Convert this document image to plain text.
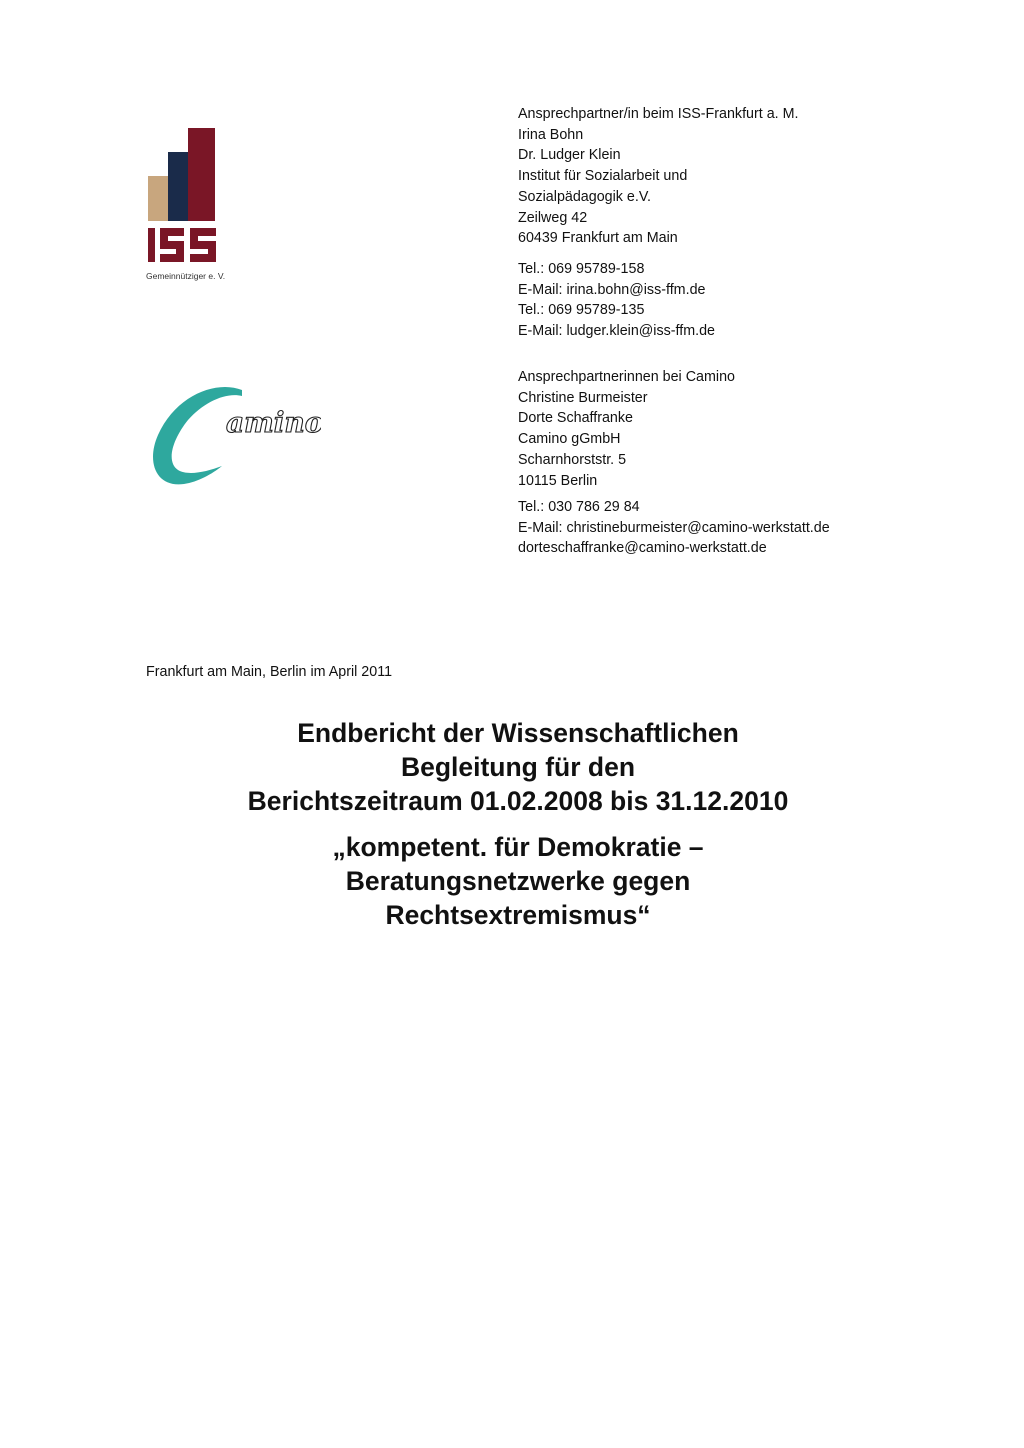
Gemeinnütziger e. V.
amino
Ansprechpartner/in beim ISS-Frankfurt a. M.
Irina Bohn
Dr. Ludger Klein
Institut für Sozialarbeit und
Sozialpädagogik e.V.
Zeilweg 42
60439 Frankfurt am Main
Tel.: 069 95789-158
E-Mail: irina.bohn@iss-ffm.de
Tel.: 069 95789-135
E-Mail: ludger.klein@iss-ffm.de
Ansprechpartnerinnen bei Camino
Christine Burmeister
Dorte Schaffranke
Camino gGmbH
Scharnhorststr. 5
10115 Berlin
Tel.: 030 786 29 84
E-Mail: christineburmeister@camino-werkstatt.de
dorteschaffranke@camino-werkstatt.de
Frankfurt am Main, Berlin im April 2011
Endbericht der Wissenschaftlichen
Begleitung für den
Berichtszeitraum 01.02.2008 bis 31.12.2010
„kompetent. für Demokratie –
Beratungsnetzwerke gegen
Rechtsextremismus“
